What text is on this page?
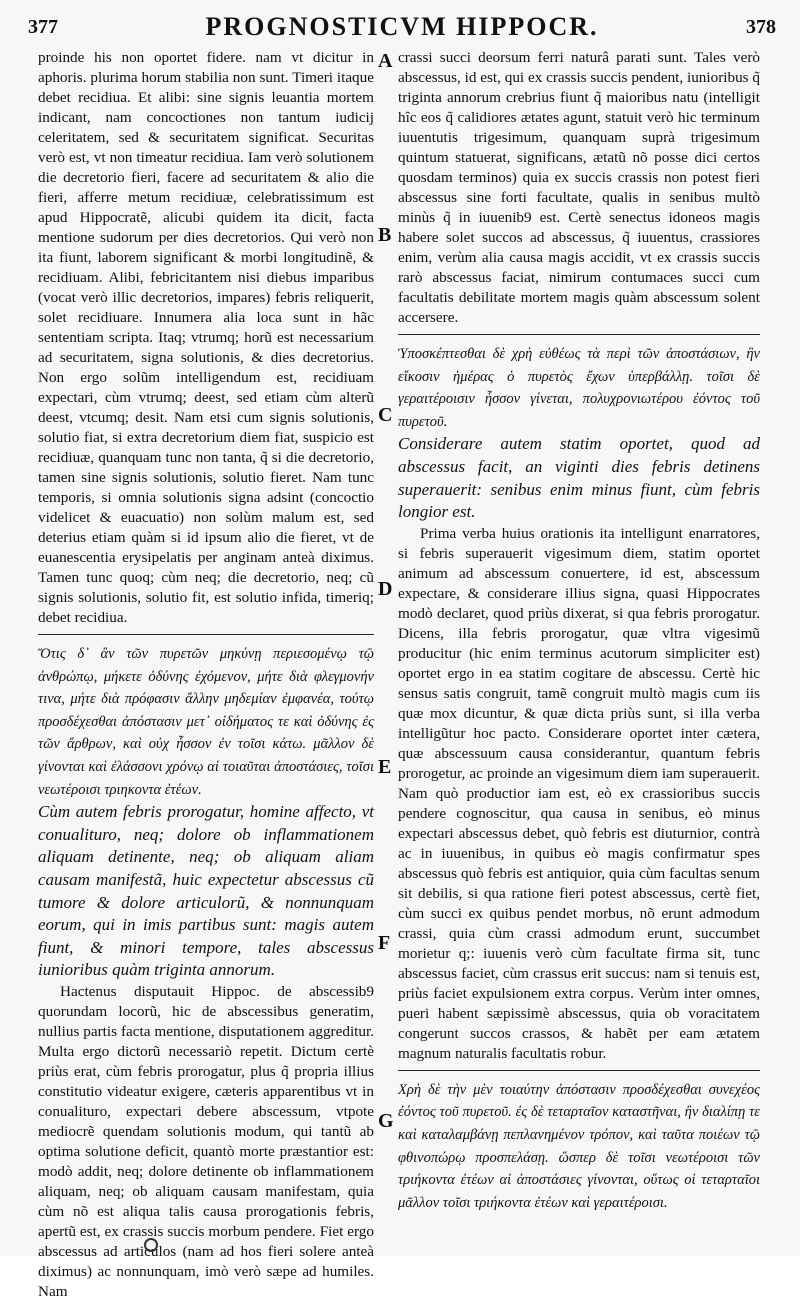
377	PROGNOSTICVM HIPPOCR.	378

proinde his non oportet fidere. nam vt dicitur in aphoris. plurima horum stabilia non sunt. Timeri itaque debet recidiua. Et alibi: sine signis leuantia mortem indicant, nam concoctiones non tantum iudicij celeritatem, sed & securitatem significat. Securitas verò est, vt non timeatur recidiua. Iam verò solutionem die decretorio fieri, facere ad securitatem & alio die fieri, afferre metum recidiuæ, celebratissimum est apud Hippocratẽ, alicubi quidem ita dicit, facta mentione sudorum per dies decretorios. Qui verò non ita fiunt, laborem significant & morbi longitudinẽ, & recidiuam. Alibi, febricitantem nisi diebus imparibus (vocat verò illic decretorios, impares) febris reliquerit, solet recidiuare. Innumera alia loca sunt in hãc sententiam scripta. Itaq; vtrumq; horũ est necessarium ad securitatem, signa solutionis, & dies decretorius. Non ergo solũm intelligendum est, recidiuam expectari, cùm vtrumq; deest, sed etiam cùm alterũ deest, vtcumq; desit. Nam etsi cum signis solutionis, solutio fiat, si extra decretorium diem fiat, suspicio est recidiuæ, quanquam tunc non tanta, q̃ si die decretorio, tamen sine signis solutionis, solutio fieret. Nam tunc temporis, si omnia solutionis signa adsint (concoctio videlicet & euacuatio) non solùm malum est, sed deterius etiam quàm si id ipsum alio die fieret, vt de euanescentia erysipelatis per anginam anteà diximus. Tamen tunc quoq; cùm neq; die decretorio, neq; cũ signis solutionis, solutio fit, est solutio infida, timeriq; debet recidiua.

Ὅτις δ᾽ ἂν τῶν πυρετῶν μηκύνῃ περιεσομένῳ τῷ ἀνθρώπῳ, μήκετε ὀδύνης ἐχόμενον, μήτε διὰ φλεγμονήν τινα, μήτε διὰ πρόφασιν ἄλλην μηδεμίαν ἐμφανέα, τούτῳ προσδέχεσθαι ἀπόστασιν μετ᾽ οἰδήματος τε καὶ ὀδύνης ἐς τῶν ἄρθρων, καὶ οὐχ ἧσσον ἐν τοῖσι κάτω. μᾶλλον δὲ γίνονται καὶ ἐλάσσονι χρόνῳ αἱ τοιαῦται ἀποστάσιες, τοῖσι νεωτέροισι τριηκοντα ἐτέων.

Cùm autem febris prorogatur, homine affecto, vt conualituro, neq; dolore ob inflammationem aliquam detinente, neq; ob aliquam aliam causam manifestã, huic expectetur abscessus cũ tumore & dolore articulorũ, & nonnunquam eorum, qui in imis partibus sunt: magis autem fiunt, & minori tempore, tales abscessus iunioribus quàm triginta annorum.

Hactenus disputauit Hippoc. de abscessib9 quorundam locorũ, hic de abscessibus generatim, nullius partis facta mentione, disputationem aggreditur. Multa ergo dictorũ necessariò repetit. Dictum certè priùs erat, cùm febris prorogatur, plus q̃ propria illius constitutio videatur exigere, cæteris apparentibus vt in conualituro, expectari debere abscessum, vtpote mediocrẽ quendam solutionis modum, qui tantũ ab optima solutione deficit, quantò morte præstantior est: modò addit, neq; dolore detinente ob inflammationem aliquam, neq; ob aliquam causam manifestam, quia cùm nõ est aliqua talis causa prorogationis febris, apertũ est, ex crassis succis morbum pendere. Fiet ergo abscessus ad articulos (nam ad hos fieri solere anteà diximus) ac nonnunquam, imò verò sæpe ad humiles. Nam

crassi succi deorsum ferri naturâ parati sunt. Tales verò abscessus, id est, qui ex crassis succis pendent, iunioribus q̃ triginta annorum crebrius fiunt q̃ maioribus natu (intelligit hîc eos q̃ calidiores ætates agunt, statuit verò hic terminum iuuentutis trigesimum, quanquam suprà trigesimum quintum statuerat, significans, ætatũ nõ posse dici certos quosdam terminos) quia ex succis crassis non potest fieri abscessus sine forti facultate, qualis in senibus multò minùs q̃ in iuuenib9 est. Certè senectus idoneos magis habere solet succos ad abscessus, q̃ iuuentus, crassiores enim, verùm alia causa magis accidit, vt ex crassis succis rarò abscessus faciat, nimirum contumaces succi cum facultatis debilitate mortem magis quàm abscessum solent accersere.

Ὑποσκέπτεσθαι δὲ χρὴ εὐθέως τὰ περὶ τῶν ἀποστάσιων, ἢν εἴκοσιν ἡμέρας ὁ πυρετὸς ἔχων ὑπερβάλλῃ. τοῖσι δὲ γεραιτέροισιν ἧσσον γίνεται, πολυχρονιωτέρου ἐόντος τοῦ πυρετοῦ.

Considerare autem statim oportet, quod ad abscessus facit, an viginti dies febris detinens superauerit: senibus enim minus fiunt, cùm febris longior est.

Prima verba huius orationis ita intelligunt enarratores, si febris superauerit vigesimum diem, statim oportet animum ad abscessum conuertere, id est, abscessum expectare, & considerare illius signa, quasi Hippocrates modò declaret, quod priùs dixerat, si qua febris prorogatur. Dicens, illa febris prorogatur, quæ vltra vigesimũ producitur (hic enim terminus acutorum simpliciter est) oportet ergo in ea statim cogitare de abscessu. Certè hic sensus satis congruit, tamẽ congruit multò magis cum iis quæ mox dicuntur, & quæ dicta priùs sunt, si illa verba intelligũtur hoc pacto. Considerare oportet inter cætera, quæ abscessuum causa considerantur, quantum febris prorogetur, ac proinde an vigesimum diem iam superauerit. Nam quò productior iam est, eò ex crassioribus succis pendere cognoscitur, qua causa in senibus, eò minus expectari abscessus debet, quò febris est diuturnior, contrà ac in iuuenibus, in quibus eò magis confirmatur spes abscessus quò febris est antiquior, quia cùm facultas senum sit debilis, si qua ratione fieri potest abscessus, certè fiet, cùm succi ex quibus pendet morbus, nõ erunt admodum crassi, quia cùm crassi admodum erunt, succumbet morietur q;: iuuenis verò cùm facultate firma sit, tunc abscessus faciet, cùm crassus erit succus: nam si tenuis est, priùs faciet expulsionem extra corpus. Verùm inter omnes, pueri habent sæpissimè abscessus, quia ob voracitatem congerunt succos crassos, & habẽt per eam ætatem magnum naturalis facultatis robur.

Χρὴ δὲ τὴν μὲν τοιαύτην ἀπόστασιν προσδέχεσθαι συνεχέος ἐόντος τοῦ πυρετοῦ. ἐς δὲ τεταρταῖον καταστῆναι, ἢν διαλίπῃ τε καὶ καταλαμβάνῃ πεπλανημένον τρόπον, καὶ ταῦτα ποιέων τῷ φθινοπώρῳ προσπελάσῃ. ὥσπερ δὲ τοῖσι νεωτέροισι τῶν τριήκοντα ἐτέων αἱ ἀποστάσιες γίνονται, οὕτως οἱ τεταρταῖοι μᾶλλον τοῖσι τριήκοντα ἐτέων καὶ γεραιτέροισι.

A
B
C
D
E
F
G
